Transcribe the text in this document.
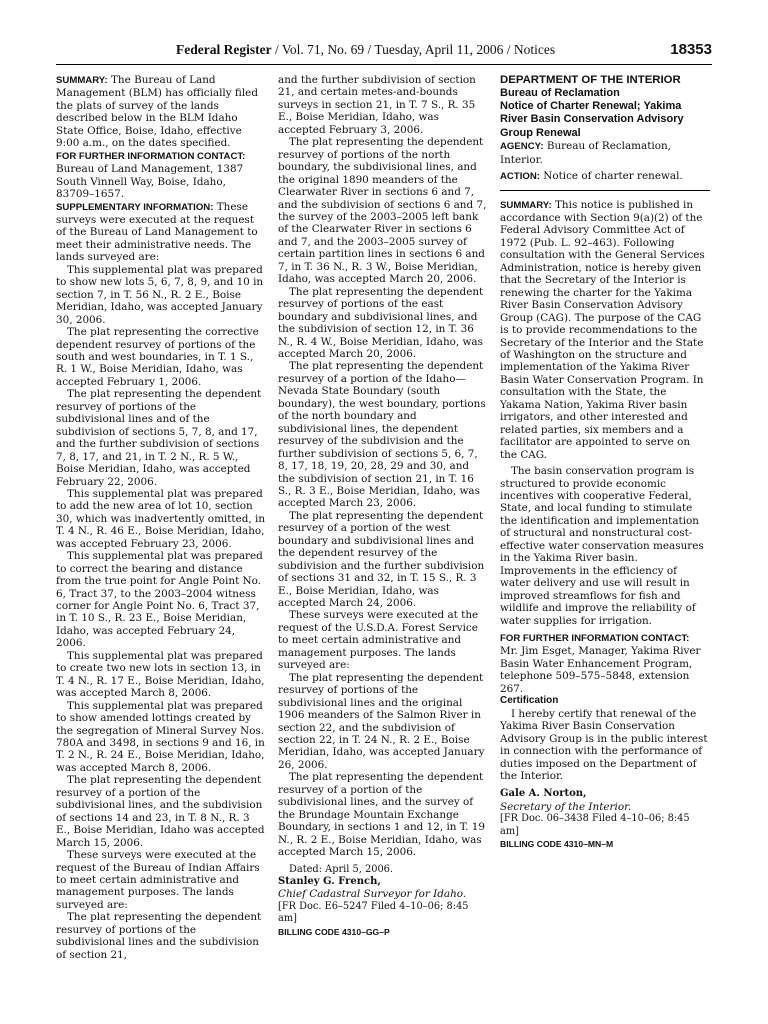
Federal Register / Vol. 71, No. 69 / Tuesday, April 11, 2006 / Notices	18353

SUMMARY: The Bureau of Land Management (BLM) has officially filed the plats of survey of the lands described below in the BLM Idaho State Office, Boise, Idaho, effective 9:00 a.m., on the dates specified.

FOR FURTHER INFORMATION CONTACT:

Bureau of Land Management, 1387 South Vinnell Way, Boise, Idaho, 83709–1657.

SUPPLEMENTARY INFORMATION: These surveys were executed at the request of the Bureau of Land Management to meet their administrative needs. The lands surveyed are:

This supplemental plat was prepared to show new lots 5, 6, 7, 8, 9, and 10 in section 7, in T. 56 N., R. 2 E., Boise Meridian, Idaho, was accepted January 30, 2006.

The plat representing the corrective dependent resurvey of portions of the south and west boundaries, in T. 1 S., R. 1 W., Boise Meridian, Idaho, was accepted February 1, 2006.

The plat representing the dependent resurvey of portions of the subdivisional lines and of the subdivision of sections 5, 7, 8, and 17, and the further subdivision of sections 7, 8, 17, and 21, in T. 2 N., R. 5 W., Boise Meridian, Idaho, was accepted February 22, 2006.

This supplemental plat was prepared to add the new area of lot 10, section 30, which was inadvertently omitted, in T. 4 N., R. 46 E., Boise Meridian, Idaho, was accepted February 23, 2006.

This supplemental plat was prepared to correct the bearing and distance from the true point for Angle Point No. 6, Tract 37, to the 2003–2004 witness corner for Angle Point No. 6, Tract 37, in T. 10 S., R. 23 E., Boise Meridian, Idaho, was accepted February 24, 2006.

This supplemental plat was prepared to create two new lots in section 13, in T. 4 N., R. 17 E., Boise Meridian, Idaho, was accepted March 8, 2006.

This supplemental plat was prepared to show amended lottings created by the segregation of Mineral Survey Nos. 780A and 3498, in sections 9 and 16, in T. 2 N., R. 24 E., Boise Meridian, Idaho, was accepted March 8, 2006.

The plat representing the dependent resurvey of a portion of the subdivisional lines, and the subdivision of sections 14 and 23, in T. 8 N., R. 3 E., Boise Meridian, Idaho was accepted March 15, 2006.

These surveys were executed at the request of the Bureau of Indian Affairs to meet certain administrative and management purposes. The lands surveyed are:

The plat representing the dependent resurvey of portions of the subdivisional lines and the subdivision of section 21,

and the further subdivision of section 21, and certain metes-and-bounds surveys in section 21, in T. 7 S., R. 35 E., Boise Meridian, Idaho, was accepted February 3, 2006.

The plat representing the dependent resurvey of portions of the north boundary, the subdivisional lines, and the original 1890 meanders of the Clearwater River in sections 6 and 7, and the subdivision of sections 6 and 7, the survey of the 2003–2005 left bank of the Clearwater River in sections 6 and 7, and the 2003–2005 survey of certain partition lines in sections 6 and 7, in T. 36 N., R. 3 W., Boise Meridian, Idaho, was accepted March 20, 2006.

The plat representing the dependent resurvey of portions of the east boundary and subdivisional lines, and the subdivision of section 12, in T. 36 N., R. 4 W., Boise Meridian, Idaho, was accepted March 20, 2006.

The plat representing the dependent resurvey of a portion of the Idaho—Nevada State Boundary (south boundary), the west boundary, portions of the north boundary and subdivisional lines, the dependent resurvey of the subdivision and the further subdivision of sections 5, 6, 7, 8, 17, 18, 19, 20, 28, 29 and 30, and the subdivision of section 21, in T. 16 S., R. 3 E., Boise Meridian, Idaho, was accepted March 23, 2006.

The plat representing the dependent resurvey of a portion of the west boundary and subdivisional lines and the dependent resurvey of the subdivision and the further subdivision of sections 31 and 32, in T. 15 S., R. 3 E., Boise Meridian, Idaho, was accepted March 24, 2006.

These surveys were executed at the request of the U.S.D.A. Forest Service to meet certain administrative and management purposes. The lands surveyed are:

The plat representing the dependent resurvey of portions of the subdivisional lines and the original 1906 meanders of the Salmon River in section 22, and the subdivision of section 22, in T. 24 N., R. 2 E., Boise Meridian, Idaho, was accepted January 26, 2006.

The plat representing the dependent resurvey of a portion of the subdivisional lines, and the survey of the Brundage Mountain Exchange Boundary, in sections 1 and 12, in T. 19 N., R. 2 E., Boise Meridian, Idaho, was accepted March 15, 2006.

Dated: April 5, 2006.

Stanley G. French,

Chief Cadastral Surveyor for Idaho.

[FR Doc. E6–5247 Filed 4–10–06; 8:45 am]

BILLING CODE 4310–GG–P

DEPARTMENT OF THE INTERIOR

Bureau of Reclamation

Notice of Charter Renewal; Yakima River Basin Conservation Advisory Group Renewal

AGENCY: Bureau of Reclamation, Interior.

ACTION: Notice of charter renewal.

SUMMARY: This notice is published in accordance with Section 9(a)(2) of the Federal Advisory Committee Act of 1972 (Pub. L. 92–463). Following consultation with the General Services Administration, notice is hereby given that the Secretary of the Interior is renewing the charter for the Yakima River Basin Conservation Advisory Group (CAG). The purpose of the CAG is to provide recommendations to the Secretary of the Interior and the State of Washington on the structure and implementation of the Yakima River Basin Water Conservation Program. In consultation with the State, the Yakama Nation, Yakima River basin irrigators, and other interested and related parties, six members and a facilitator are appointed to serve on the CAG.

The basin conservation program is structured to provide economic incentives with cooperative Federal, State, and local funding to stimulate the identification and implementation of structural and nonstructural cost-effective water conservation measures in the Yakima River basin. Improvements in the efficiency of water delivery and use will result in improved streamflows for fish and wildlife and improve the reliability of water supplies for irrigation.

FOR FURTHER INFORMATION CONTACT: Mr. Jim Esget, Manager, Yakima River Basin Water Enhancement Program, telephone 509–575–5848, extension 267.

Certification

I hereby certify that renewal of the Yakima River Basin Conservation Advisory Group is in the public interest in connection with the performance of duties imposed on the Department of the Interior.

Gale A. Norton,

Secretary of the Interior.

[FR Doc. 06–3438 Filed 4–10–06; 8:45 am]

BILLING CODE 4310–MN–M
